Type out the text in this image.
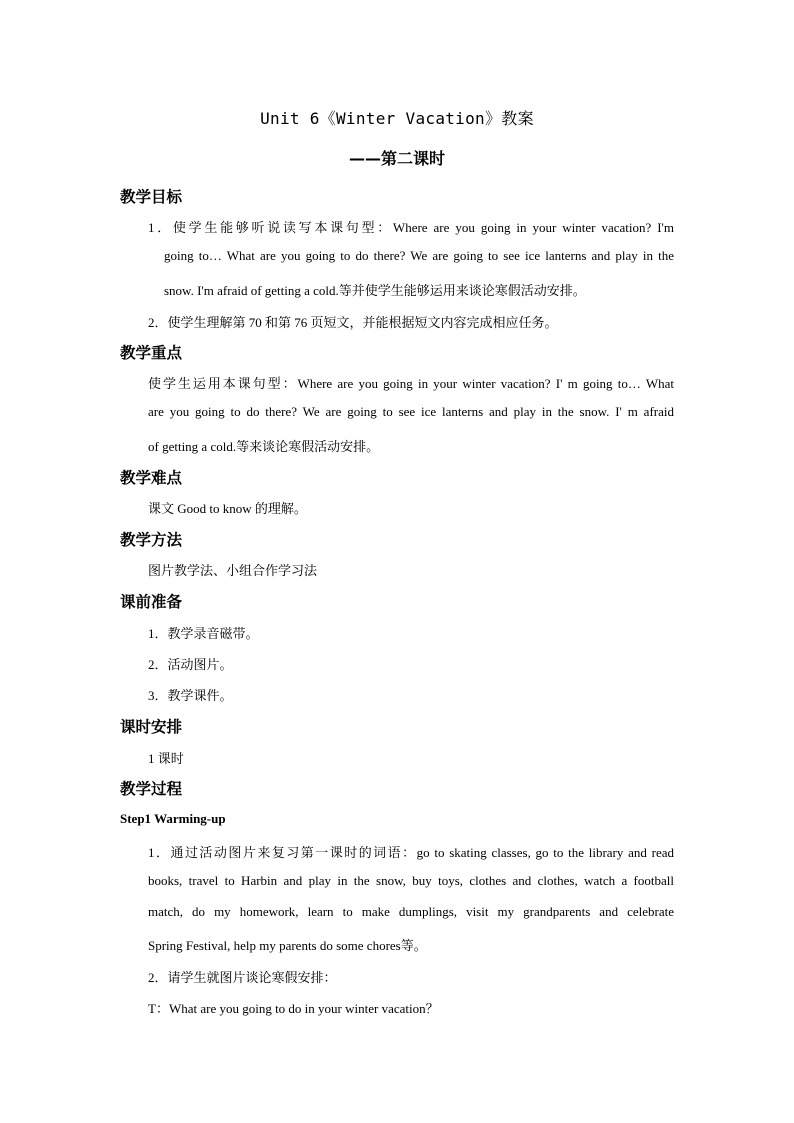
Unit 6《Winter Vacation》教案
——第二课时
教学目标
1．使学生能够听说读写本课句型：Where are you going in your winter vacation? I'm
going to… What are you going to do there? We are going to see ice lanterns and play in the
snow. I'm afraid of getting a cold.等并使学生能够运用来谈论寒假活动安排。
2．使学生理解第 70 和第 76 页短文，并能根据短文内容完成相应任务。
教学重点
使学生运用本课句型：Where are you going in your winter vacation? I' m going to… What
are you going to do there? We are going to see ice lanterns and play in the snow. I' m afraid
of getting a cold.等来谈论寒假活动安排。
教学难点
课文 Good to know 的理解。
教学方法
图片教学法、小组合作学习法
课前准备
1．教学录音磁带。
2．活动图片。
3．教学课件。
课时安排
1 课时
教学过程
Step1 Warming-up
1．通过活动图片来复习第一课时的词语：go to skating classes, go to the library and read
books, travel to Harbin and play in the snow, buy toys, clothes and clothes, watch a football
match, do my homework, learn to make dumplings, visit my grandparents and celebrate
Spring Festival, help my parents do some chores等。
2．请学生就图片谈论寒假安排：
T：What are you going to do in your winter vacation？
